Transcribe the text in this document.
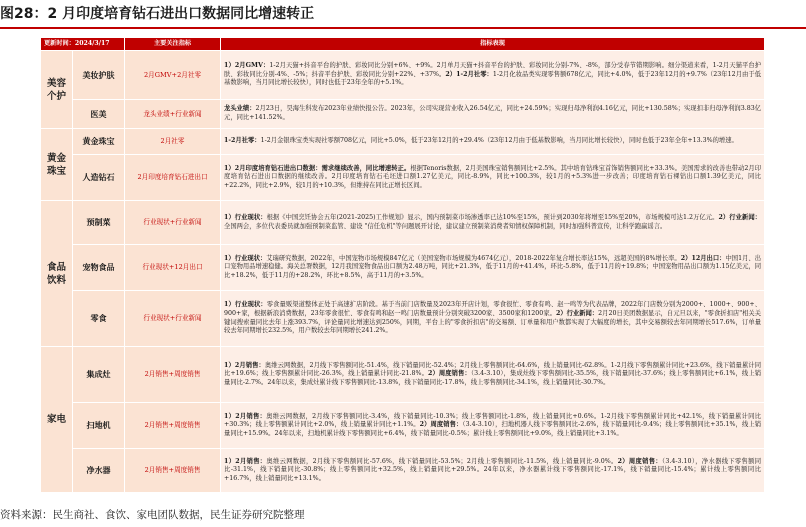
图28：2 月印度培育钻石进出口数据同比增速转正
更新时间：2024/3/17		主要关注指标	指标表现
美容个护	美妆护肤	2月GMV+2月社零	1）2月GMV：1-2月天猫+抖音平台的护肤、彩妆同比分别+6%、+9%。2月单月天猫+抖音平台的护肤、彩妆同比分别-7%、-8%，部分受春节错期影响。细分渠道来看，1-2月天猫平台护肤、彩妆同比分别-4%、-5%；抖音平台护肤、彩妆同比分别+22%、+37%。2）1-2月社零：1-2月化妆品类实现零售额678亿元，同比+4.0%，低于23年12月的+9.7%（23年12月由于低基数影响，当月同比增长较快），同时也低于23年全年的+5.1%。
	医美	龙头业绩+行业新闻	龙头业绩：2月23日，昊海生科发布2023年业绩快报公告。2023年，公司实现营业收入26.54亿元，同比+24.59%；实现归母净利润4.16亿元，同比+130.58%；实现扣非归母净利润3.83亿元，同比+141.52%。
黄金珠宝	黄金珠宝	2月社零	1-2月社零：1-2月金银珠宝类实现社零额708亿元，同比+5.0%，低于23年12月的+29.4%（23年12月由于低基数影响，当月同比增长较快），同时也低于23年全年+13.3%的增速。
	人造钻石	2月印度培育钻石进出口	1）2月印度培育钻石进出口数据：需求继续改善，同比增速转正。根据Tenoris数据，2月美国珠宝销售额同比+2.5%。其中培育钻珠宝首饰销售额同比+33.3%。美国需求的改善也带动2月印度培育钻石进出口数据的继续改善。2月印度培育钻石毛坯进口额1.27亿美元，同比-8.9%，同比+100.3%，较1月的+5.3%进一步改善；印度培育钻石裸钻出口额1.39亿美元，同比+22.2%，同比+2.9%，较1月的+10.3%，但维持在同比正增长区间。
食品饮料	预制菜	行业现状+行业新闻	1）行业现状：根据《中国烹饪协会五年(2021-2025)工作规划》显示，国内预制菜市场渗透率已达10%至15%，预计到2030年将增至15%至20%，市场规模可达1.2万亿元。2）行业新闻：全国两会，多位代表委员就加强预制菜监管、建设 "信任危机"等问题展开讨论，建议建立预制菜消费者知情权保障机制，同时加强科普宣传，让科学跑赢谣言。
	宠物食品	行业现状+12月出口	1）行业现状：艾瑞研究数据，2022年，中国宠物市场规模847亿元（美国宠物市场规模为4674亿元），2018-2022年复合增长率达15%，远超美国的8%增长率。2）12月出口：中国1月、出口宠物用品增速稳健。海关总署数据，12月我国宠物食品出口额为2.48万吨，同比+21.3%，低于11月的+41.4%，环比-5.8%，低于11月的+19.8%；中国宠物用品出口额为1.15亿美元，同比+18.2%，低于11月的+28.2%，环比+8.5%，高于11月的+3.5%。
	零食	行业现状+行业新闻	1）行业现状：零食量贩渠道整体正处于高速扩店阶段。基于当前门店数量及2023年开店计划，零食很忙、零食有鸣、赵一鸣等为代表品牌，2022年门店数分别为2000+、1000+、900+、900+家，根据新浪消费数据，23年零食很忙、零食有鸣和赵一鸣门店数量预计分别突破3200家、3500家和1200家。2）行业新闻：2月20日美团数据显示，自元旦以来，"零食折扣店"相关关键词搜索量同比去年上涨393.7%，评论量同比增速达到250%，同期，平台上的"零食折扣店"的交易额、订单量和用户数都实现了大幅度的增长，其中交易额较去年同期增长517.6%，订单量较去年同期增长232.5%，用户数较去年同期增长241.2%。
家电	集成灶	2月销售+周度销售	1）2月销售：奥维云网数据，2月线下零售额同比-51.4%，线下销量同比-52.4%；2月线上零售额同比-64.6%，线上销量同比-62.8%。1-2月线下零售额累计同比+23.6%，线下销量累计同比+19.6%；线上零售额累计同比-26.3%，线上销量累计同比-21.8%。2）周度销售：（3.4-3.10），集成灶线下零售额同比-35.5%，线下销量同比-37.6%；线上零售额同比+6.1%，线上销量同比-2.7%。24年以来，集成灶累计线下零售额同比-13.8%，线下销量同比-17.8%，线上零售额同比-34.1%，线上销量同比-30.7%。
	扫地机	2月销售+周度销售	1）2月销售：奥维云网数据，2月线下零售额同比-3.4%，线下销量同比-10.3%；线上零售额同比-1.8%，线上销量同比+0.6%。1-2月线下零售额累计同比+42.1%，线下销量累计同比+30.3%；线上零售额累计同比+2.0%，线上销量累计同比+1.1%。2）周度销售：（3.4-3.10），扫地机器人线下零售额同比-2.6%，线下销量同比-9.4%；线上零售额同比+35.1%，线上销量同比+15.9%。24年以来，扫地机累计线下零售额同比+6.4%，线下销量同比-0.5%；累计线上零售额同比+9.0%，线上销量同比+3.1%。
	净水器	2月销售+周度销售	1）2月销售：奥维云网数据，2月线下零售额同比-57.6%，线下销量同比-53.5%；2月线上零售额同比-11.5%，线上销量同比-9.0%。2）周度销售：（3.4-3.10），净水器线下零售额同比-31.1%，线下销量同比-30.8%；线上零售额同比+32.5%，线上销量同比+29.5%。24年以来，净水器累计线下零售额同比-17.1%，线下销量同比-15.4%；累计线上零售额同比+16.7%，线上销量同比+13.1%。
资料来源：民生商社、食饮、家电团队数据，民生证券研究院整理
